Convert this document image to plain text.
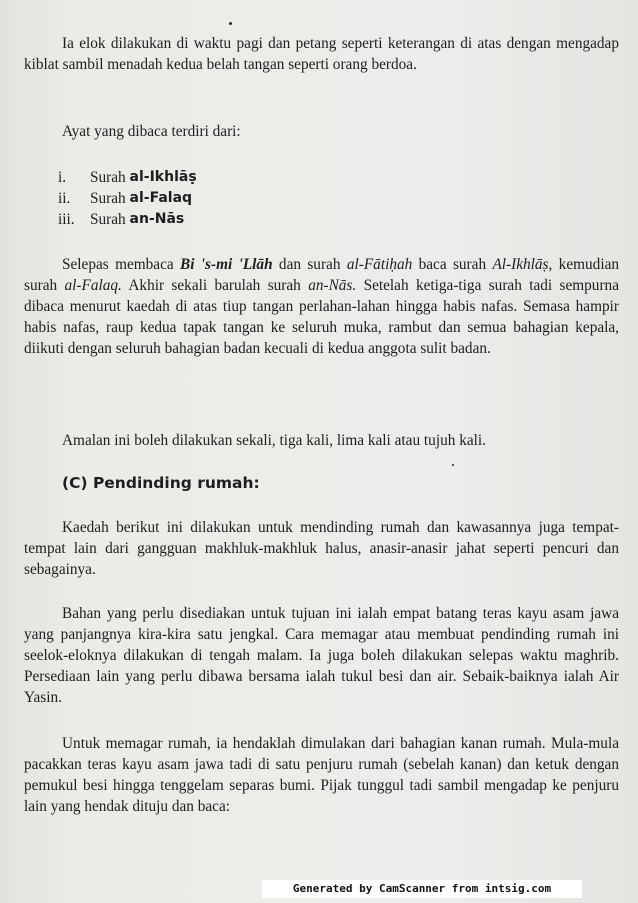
Ia elok dilakukan di waktu pagi dan petang seperti keterangan di atas dengan mengadap kiblat sambil menadah kedua belah tangan seperti orang berdoa.

Ayat yang dibaca terdiri dari:

i.	Surah
al-Ikhlāṣ
ii.	Surah
al-Falaq
iii.	Surah
an-Nās

Selepas membaca Bi 's-mi 'Llāh dan surah al-Fātiḥah baca surah Al-Ikhlāṣ, kemudian surah al-Falaq. Akhir sekali barulah surah an-Nās. Setelah ketiga-tiga surah tadi sempurna dibaca menurut kaedah di atas tiup tangan perlahan-lahan hingga habis nafas. Semasa hampir habis nafas, raup kedua tapak tangan ke seluruh muka, rambut dan semua bahagian kepala, diikuti dengan seluruh bahagian badan kecuali di kedua anggota sulit badan.

Amalan ini boleh dilakukan sekali, tiga kali, lima kali atau tujuh kali.

(C) Pendinding rumah:

Kaedah berikut ini dilakukan untuk mendinding rumah dan kawasannya juga tempat-tempat lain dari gangguan makhluk-makhluk halus, anasir-anasir jahat seperti pencuri dan sebagainya.

Bahan yang perlu disediakan untuk tujuan ini ialah empat batang teras kayu asam jawa yang panjangnya kira-kira satu jengkal. Cara memagar atau membuat pendinding rumah ini seelok-eloknya dilakukan di tengah malam. Ia juga boleh dilakukan selepas waktu maghrib. Persediaan lain yang perlu dibawa bersama ialah tukul besi dan air. Sebaik-baiknya ialah Air Yasin.

Untuk memagar rumah, ia hendaklah dimulakan dari bahagian kanan rumah. Mula-mula pacakkan teras kayu asam jawa tadi di satu penjuru rumah (sebelah kanan) dan ketuk dengan pemukul besi hingga tenggelam separas bumi. Pijak tunggul tadi sambil mengadap ke penjuru lain yang hendak dituju dan baca:

Generated by CamScanner from intsig.com
